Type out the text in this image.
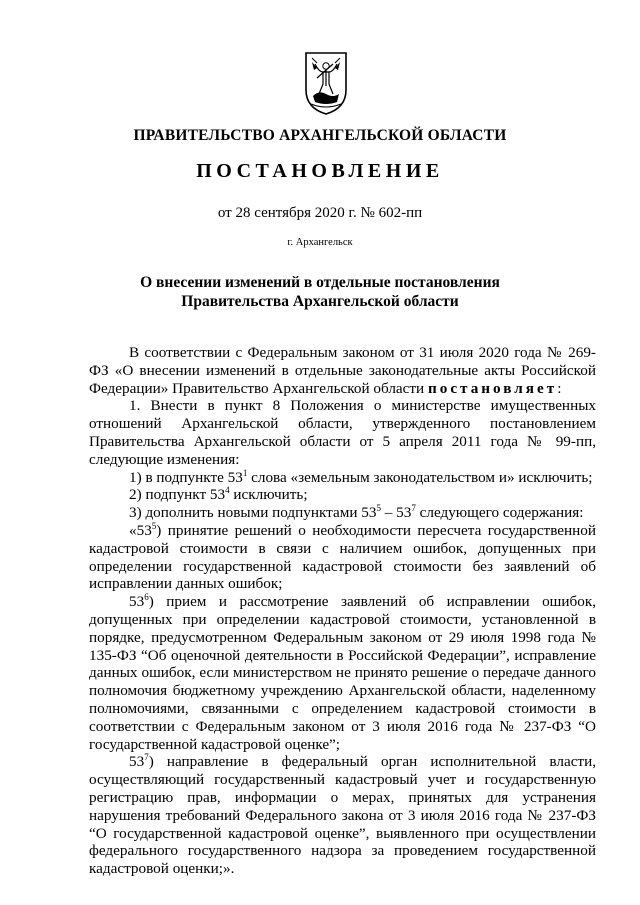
ПРАВИТЕЛЬСТВО АРХАНГЕЛЬСКОЙ ОБЛАСТИ
ПОСТАНОВЛЕНИЕ
от 28 сентября 2020 г. № 602-пп
г. Архангельск
О внесении изменений в отдельные постановления
Правительства Архангельской области

В соответствии с Федеральным законом от 31 июля 2020 года № 269-ФЗ «О внесении изменений в отдельные законодательные акты Российской Федерации» Правительство Архангельской области постановляет:

1. Внести в пункт 8 Положения о министерстве имущественных отношений Архангельской области, утвержденного постановлением Правительства Архангельской области от 5 апреля 2011 года № 99-пп, следующие изменения:

1) в подпункте $53^1$ слова «земельным законодательством и» исключить;

2) подпункт $53^4$ исключить;

3) дополнить новыми подпунктами $53^5 - 53^7$ следующего содержания:

«$53^5$) принятие решений о необходимости пересчета государственной кадастровой стоимости в связи с наличием ошибок, допущенных при определении государственной кадастровой стоимости без заявлений об исправлении данных ошибок;

$53^6$) прием и рассмотрение заявлений об исправлении ошибок, допущенных при определении кадастровой стоимости, установленной в порядке, предусмотренном Федеральным законом от 29 июля 1998 года № 135-ФЗ “Об оценочной деятельности в Российской Федерации”, исправление данных ошибок, если министерством не принято решение о передаче данного полномочия бюджетному учреждению Архангельской области, наделенному полномочиями, связанными с определением кадастровой стоимости в соответствии с Федеральным законом от 3 июля 2016 года № 237-ФЗ “О государственной кадастровой оценке”;

$53^7$) направление в федеральный орган исполнительной власти, осуществляющий государственный кадастровый учет и государственную регистрацию прав, информации о мерах, принятых для устранения нарушения требований Федерального закона от 3 июля 2016 года № 237-ФЗ “О государственной кадастровой оценке”, выявленного при осуществлении федерального государственного надзора за проведением государственной кадастровой оценки;».
